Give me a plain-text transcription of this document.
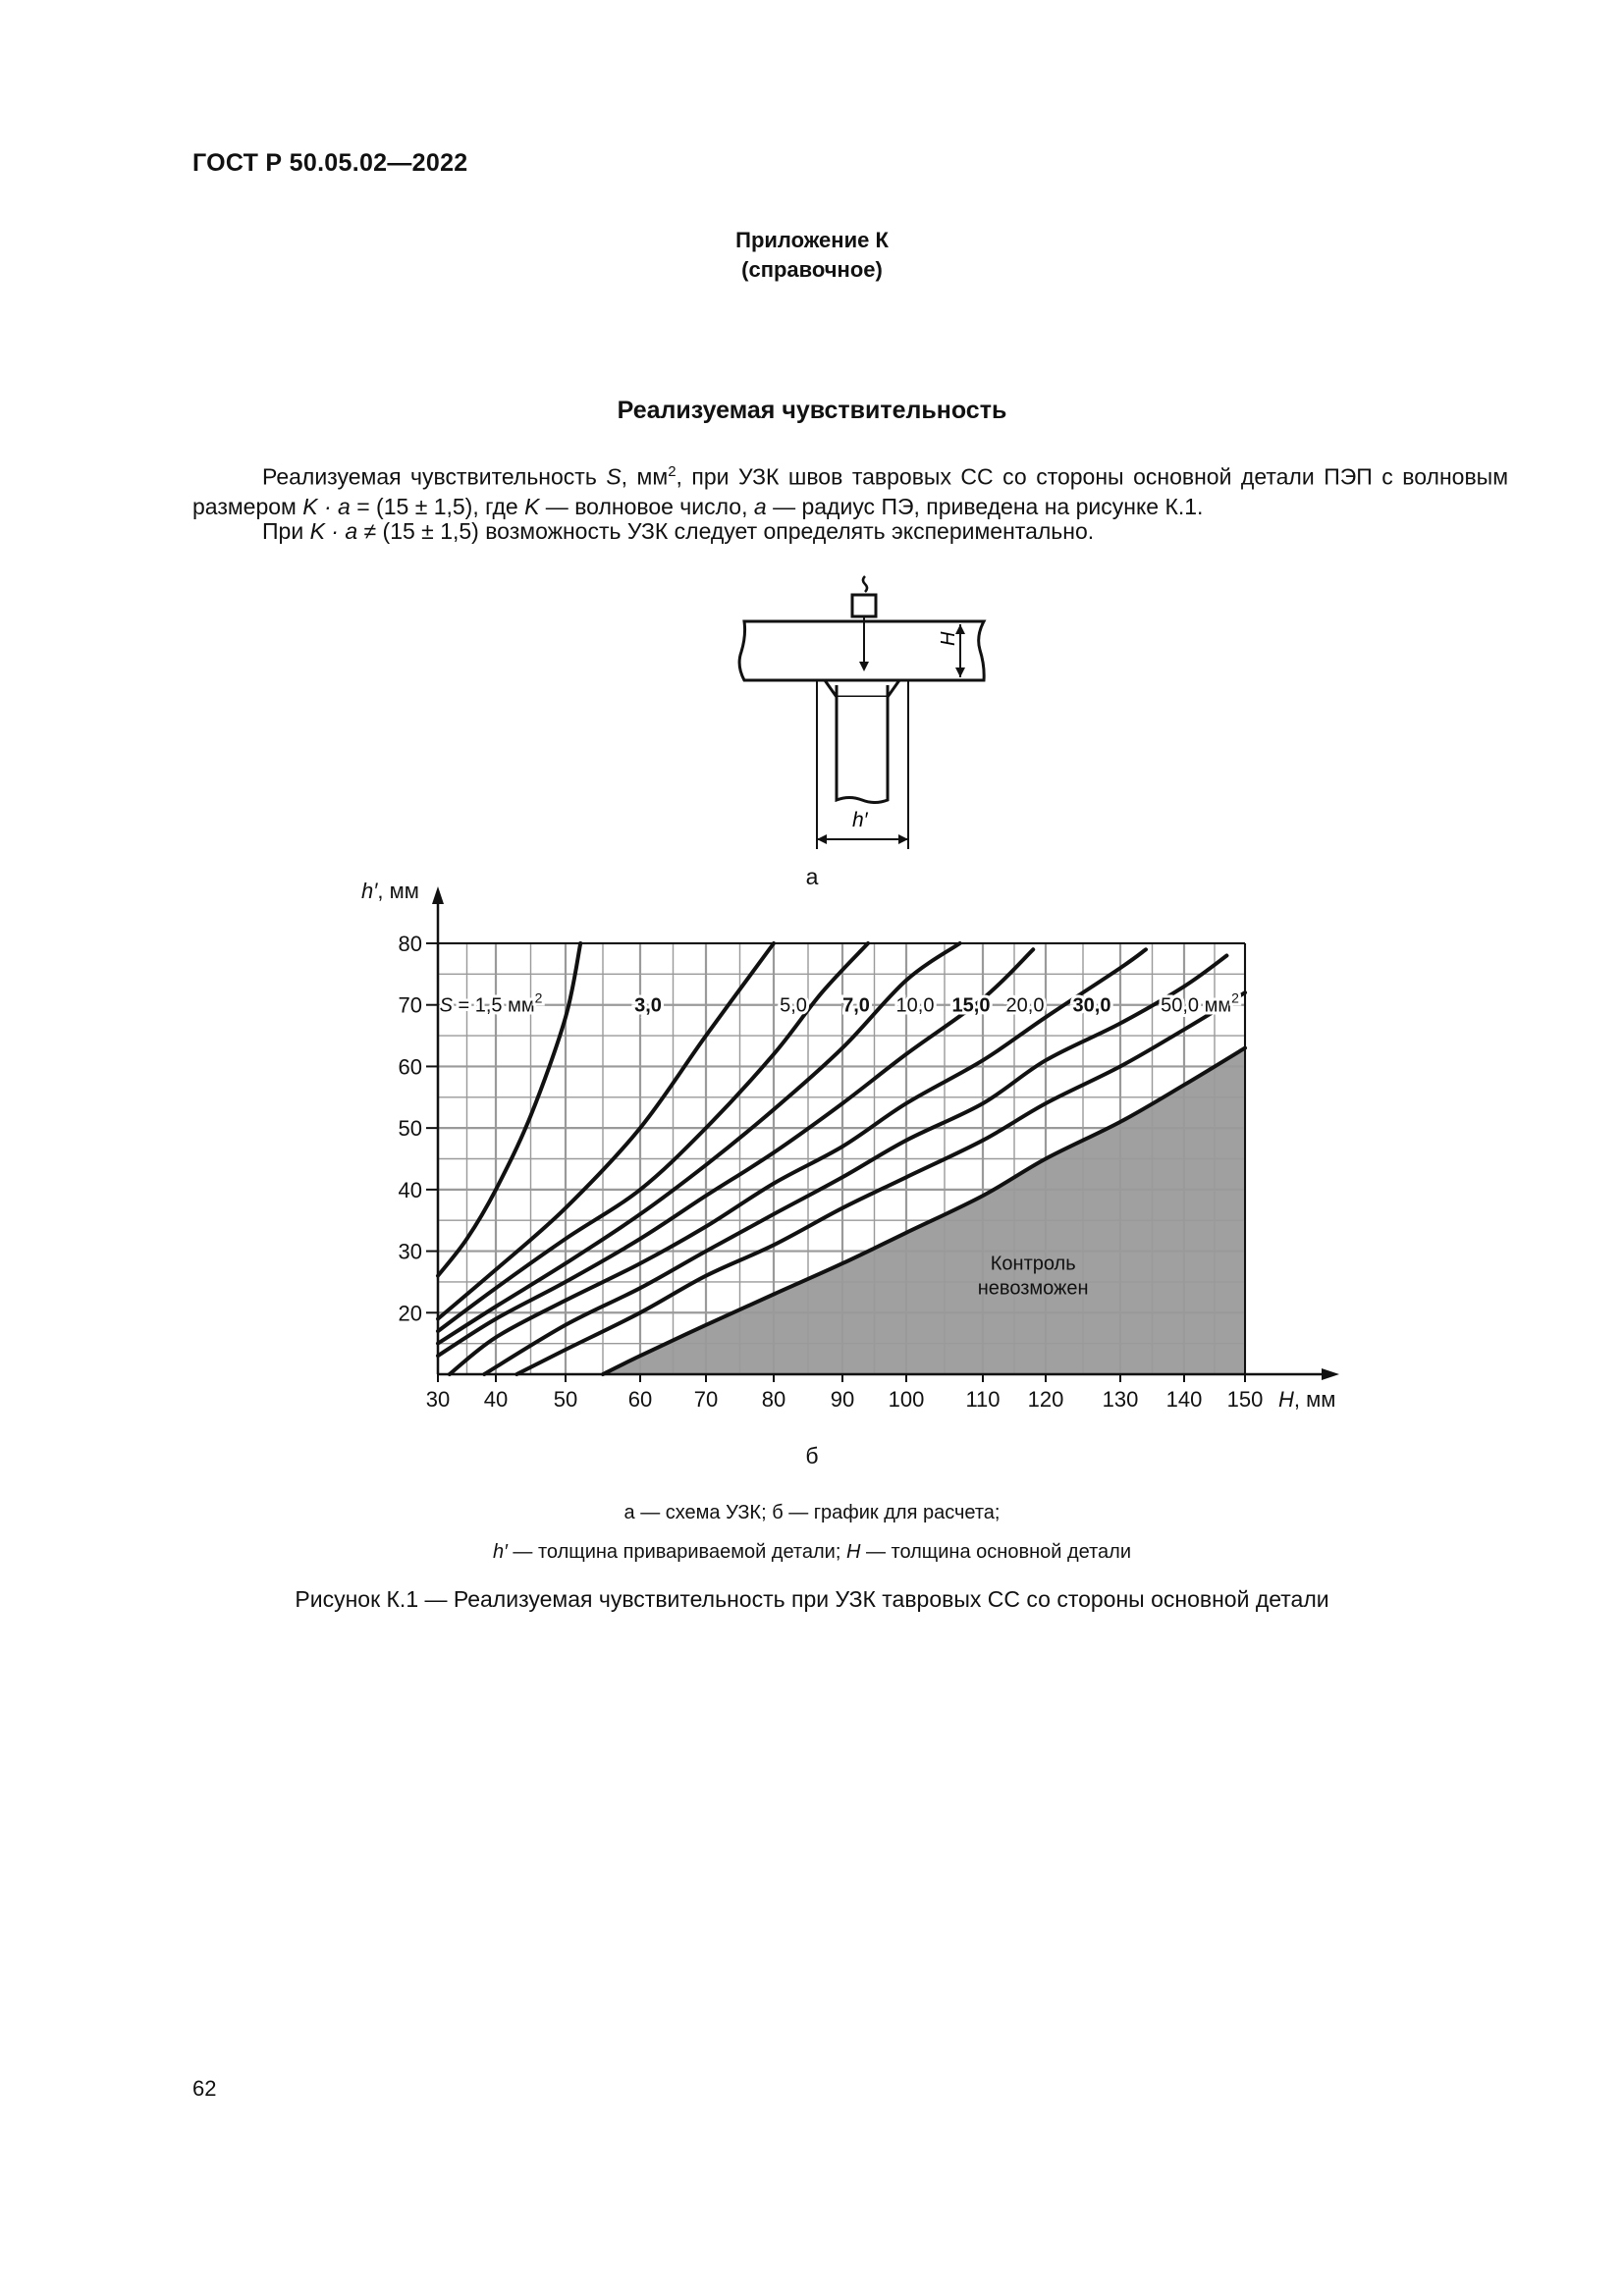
ГОСТ Р 50.05.02—2022
Приложение К
(справочное)
Реализуемая чувствительность
Реализуемая чувствительность S, $мм^2$, при УЗК швов тавровых СС со стороны основной детали ПЭП с волновым размером K · a = (15 ± 1,5), где K — волновое число, a — радиус ПЭ, приведена на рисунке К.1.
При K · a ≠ (15 ± 1,5) возможность УЗК следует определять экспериментально.
H
h′
а
S = 1,5 $мм^2$	3,0	5,0 7,0 10,0 15,0 20,0 30,0	50,0 $мм^2$
30 40 50 60 70 80 90 100 110 120 130 140 150
20
30
40
50
60
70
80
H, мм
h′, мм
Контроль
невозможен
б
а — схема УЗК; б — график для расчета;
h′ — толщина привариваемой детали; H — толщина основной детали
Рисунок К.1 — Реализуемая чувствительность при УЗК тавровых СС со стороны основной детали
62
